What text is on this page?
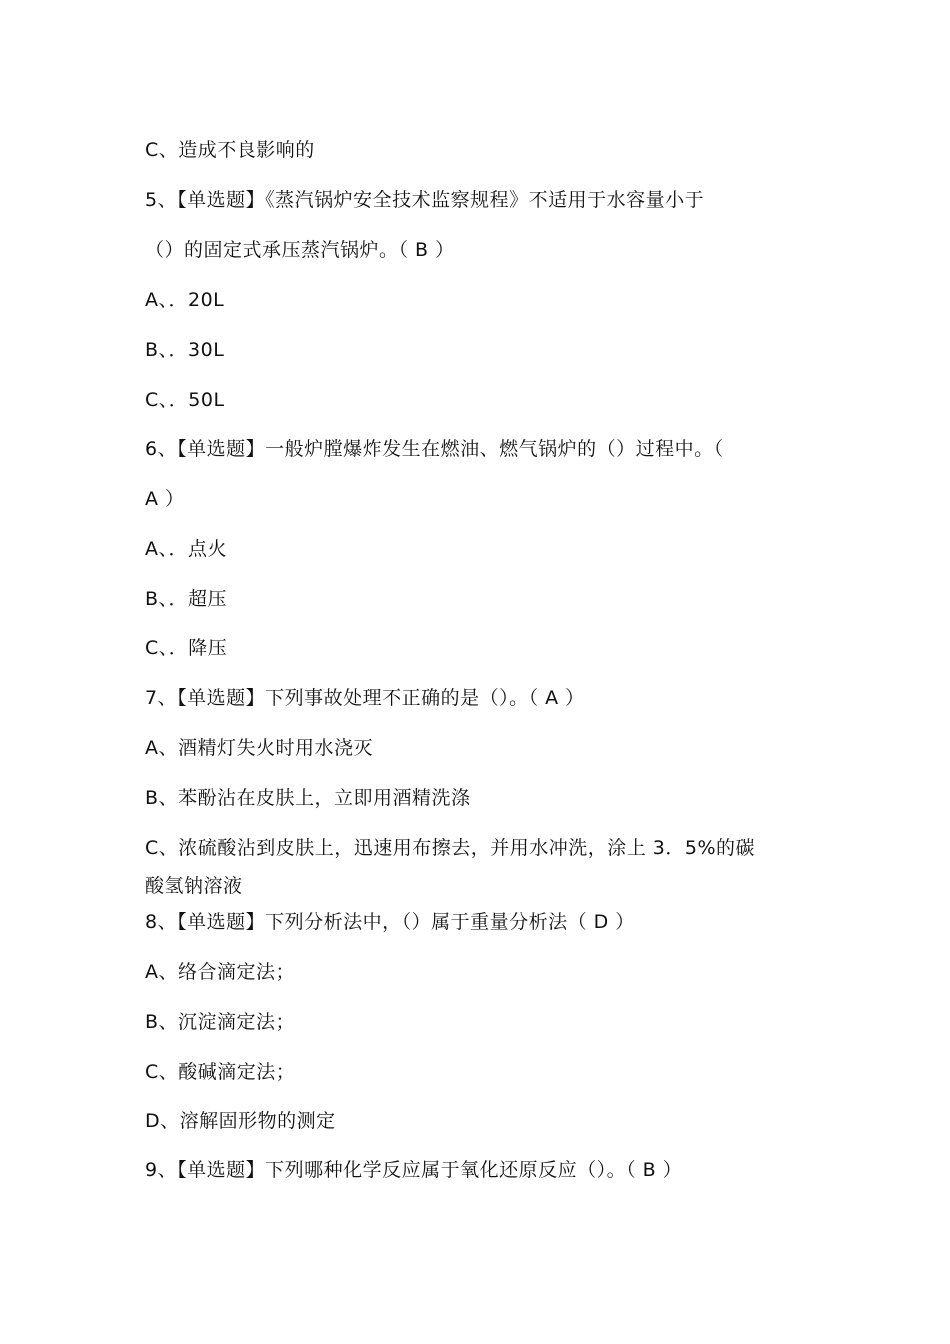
C、造成不良影响的
5、【单选题】《蒸汽锅炉安全技术监察规程》不适用于水容量小于
（）的固定式承压蒸汽锅炉。（ B ）
A、．20L
B、．30L
C、．50L
6、【单选题】一般炉膛爆炸发生在燃油、燃气锅炉的（）过程中。（
A ）
A、．点火
B、．超压
C、．降压
7、【单选题】下列事故处理不正确的是（）。（ A ）
A、酒精灯失火时用水浇灭
B、苯酚沾在皮肤上，立即用酒精洗涤
C、浓硫酸沾到皮肤上，迅速用布擦去，并用水冲洗，涂上 3．5%的碳
酸氢钠溶液
8、【单选题】下列分析法中，（）属于重量分析法（ D ）
A、络合滴定法；
B、沉淀滴定法；
C、酸碱滴定法；
D、溶解固形物的测定
9、【单选题】下列哪种化学反应属于氧化还原反应（）。（ B ）
